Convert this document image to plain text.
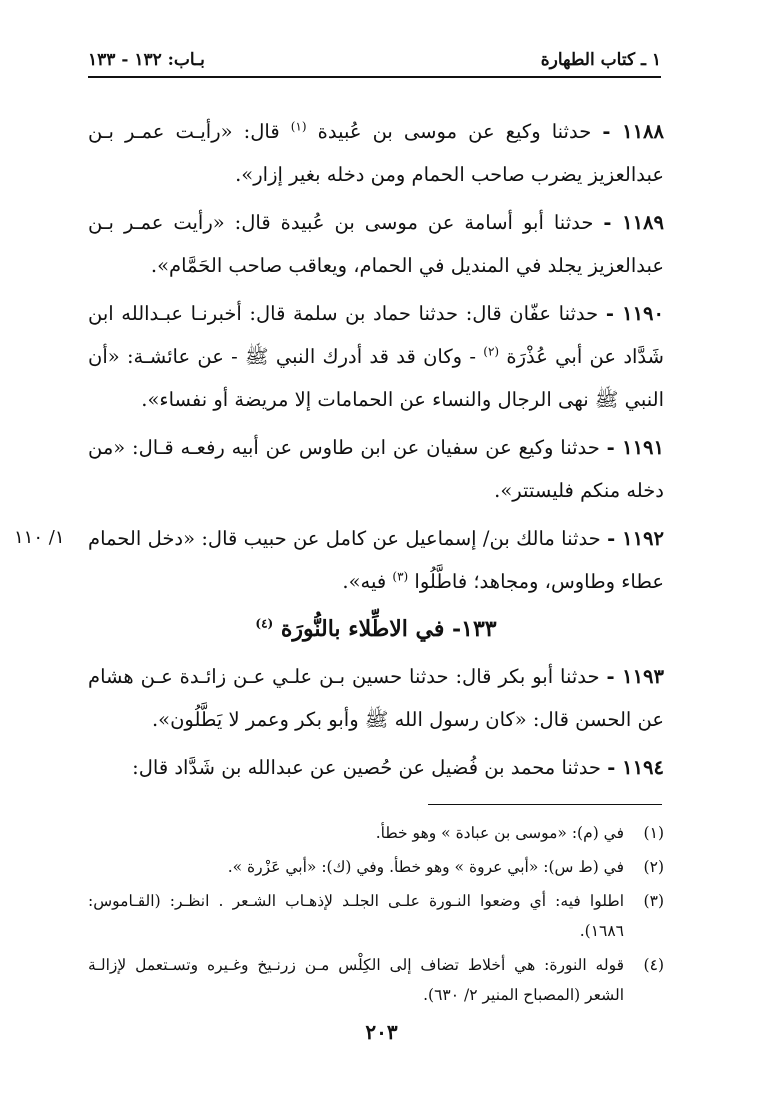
١ ـ كتاب الطهارة
بـاب: ١٣٢ - ١٣٣
١/ ١١٠

١١٨٨ - حدثنا وكيع عن موسى بن عُبيدة $^{(١)}$ قال: «رأيـت عمـر بـن عبدالعزيز يضرب صاحب الحمام ومن دخله بغير إزار».

١١٨٩ - حدثنا أبو أسامة عن موسى بن عُبيدة قال: «رأيت عمـر بـن عبدالعزيز يجلد في المنديل في الحمام، ويعاقب صاحب الحَمَّام».

١١٩٠ - حدثنا عفّان قال: حدثنا حماد بن سلمة قال: أخبرنـا عبـدالله ابن شَدَّاد عن أبي عُذْرَة $^{(٢)}$ - وكان قد قد أدرك النبي ﷺ - عن عائشـة: «أن النبي ﷺ نهى الرجال والنساء عن الحمامات إلا مريضة أو نفساء».

١١٩١ - حدثنا وكيع عن سفيان عن ابن طاوس عن أبيه رفعـه قـال: «من دخله منكم فليستتر».

١١٩٢ - حدثنا مالك بن/ إسماعيل عن كامل عن حبيب قال: «دخل الحمام عطاء وطاوس، ومجاهد؛ فاطَّلُوا $^{(٣)}$ فيه».

١٣٣- في الاطِّلاء بالنُّورَة $^{(٤)}$

١١٩٣ - حدثنا أبو بكر قال: حدثنا حسين بـن علـي عـن زائـدة عـن هشام عن الحسن قال: «كان رسول الله ﷺ وأبو بكر وعمر لا يَطَّلُون».

١١٩٤ - حدثنا محمد بن فُضيل عن حُصين عن عبدالله بن شَدَّاد قال:

(١)
في (م): «موسى بن عبادة » وهو خطأ.
(٢)
في (ط س): «أبي عروة » وهو خطأ. وفي (ك): «أبي عَزْرة ».
(٣)
اطلوا فيه: أي وضعوا النـورة علـى الجلـد لإذهـاب الشـعر . انظـر: (القـاموس: ١٦٨٦).
(٤)
قوله النورة: هي أخلاط تضاف إلى الكِلْس مـن زرنـيخ وغـيره وتسـتعمل لإزالـة الشعر (المصباح المنير ٢/ ٦٣٠).
٢٠٣
